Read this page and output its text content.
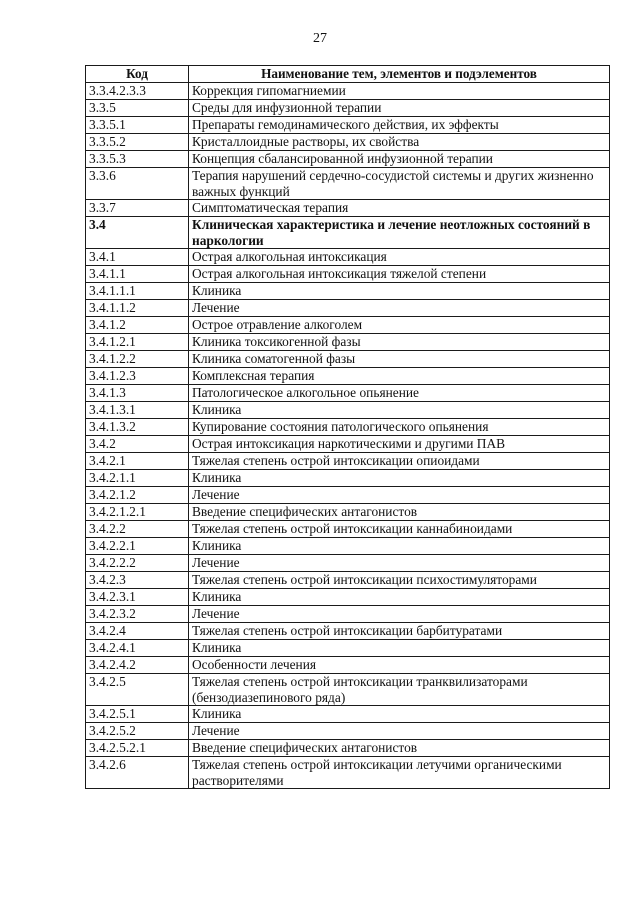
27
Код	Наименование тем, элементов и подэлементов
3.3.4.2.3.3	Коррекция гипомагниемии
3.3.5	Среды для инфузионной терапии
3.3.5.1	Препараты гемодинамического действия, их эффекты
3.3.5.2	Кристаллоидные растворы, их свойства
3.3.5.3	Концепция сбалансированной инфузионной терапии
3.3.6	Терапия нарушений сердечно-сосудистой системы и других жизненно важных функций
3.3.7	Симптоматическая терапия
3.4	Клиническая характеристика и лечение неотложных состояний в наркологии
3.4.1	Острая алкогольная интоксикация
3.4.1.1	Острая алкогольная интоксикация тяжелой степени
3.4.1.1.1	Клиника
3.4.1.1.2	Лечение
3.4.1.2	Острое отравление алкоголем
3.4.1.2.1	Клиника токсикогенной фазы
3.4.1.2.2	Клиника соматогенной фазы
3.4.1.2.3	Комплексная терапия
3.4.1.3	Патологическое алкогольное опьянение
3.4.1.3.1	Клиника
3.4.1.3.2	Купирование состояния патологического опьянения
3.4.2	Острая интоксикация наркотическими и другими ПАВ
3.4.2.1	Тяжелая степень острой интоксикации опиоидами
3.4.2.1.1	Клиника
3.4.2.1.2	Лечение
3.4.2.1.2.1	Введение специфических антагонистов
3.4.2.2	Тяжелая степень острой интоксикации каннабиноидами
3.4.2.2.1	Клиника
3.4.2.2.2	Лечение
3.4.2.3	Тяжелая степень острой интоксикации психостимуляторами
3.4.2.3.1	Клиника
3.4.2.3.2	Лечение
3.4.2.4	Тяжелая степень острой интоксикации барбитуратами
3.4.2.4.1	Клиника
3.4.2.4.2	Особенности лечения
3.4.2.5	Тяжелая степень острой интоксикации транквилизаторами (бензодиазепинового ряда)
3.4.2.5.1	Клиника
3.4.2.5.2	Лечение
3.4.2.5.2.1	Введение специфических антагонистов
3.4.2.6	Тяжелая степень острой интоксикации летучими органическими растворителями
